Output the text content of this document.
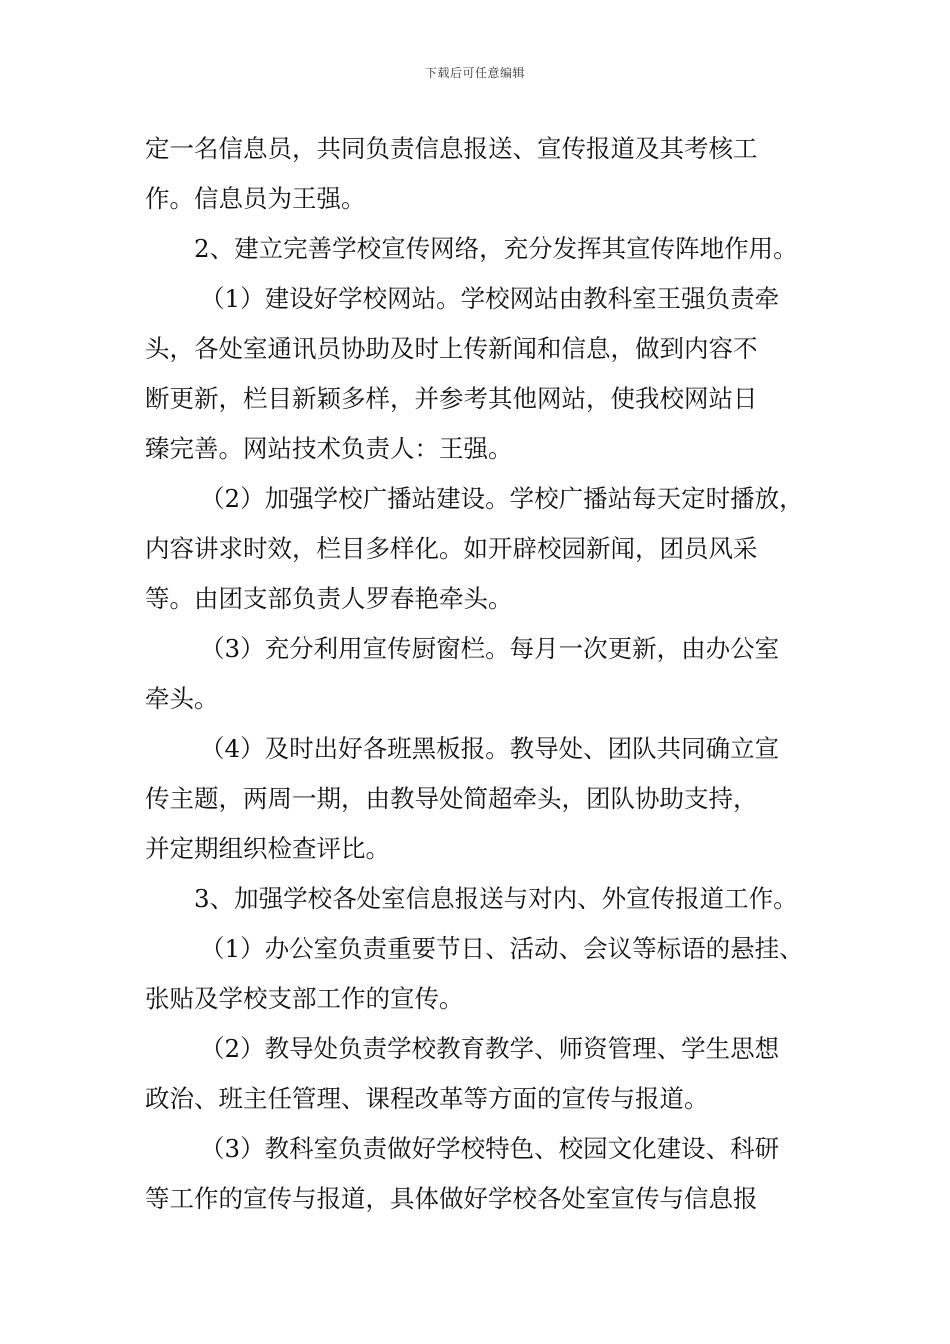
下载后可任意编辑
定一名信息员，共同负责信息报送、宣传报道及其考核工
作。信息员为王强。
2、建立完善学校宣传网络，充分发挥其宣传阵地作用。
（1）建设好学校网站。学校网站由教科室王强负责牵
头，各处室通讯员协助及时上传新闻和信息，做到内容不
断更新，栏目新颖多样，并参考其他网站，使我校网站日
臻完善。网站技术负责人：王强。
（2）加强学校广播站建设。学校广播站每天定时播放，
内容讲求时效，栏目多样化。如开辟校园新闻，团员风采
等。由团支部负责人罗春艳牵头。
（3）充分利用宣传厨窗栏。每月一次更新，由办公室
牵头。
（4）及时出好各班黑板报。教导处、团队共同确立宣
传主题，两周一期，由教导处简超牵头，团队协助支持，
并定期组织检查评比。
3、加强学校各处室信息报送与对内、外宣传报道工作。
（1）办公室负责重要节日、活动、会议等标语的悬挂、
张贴及学校支部工作的宣传。
（2）教导处负责学校教育教学、师资管理、学生思想
政治、班主任管理、课程改革等方面的宣传与报道。
（3）教科室负责做好学校特色、校园文化建设、科研
等工作的宣传与报道，具体做好学校各处室宣传与信息报
